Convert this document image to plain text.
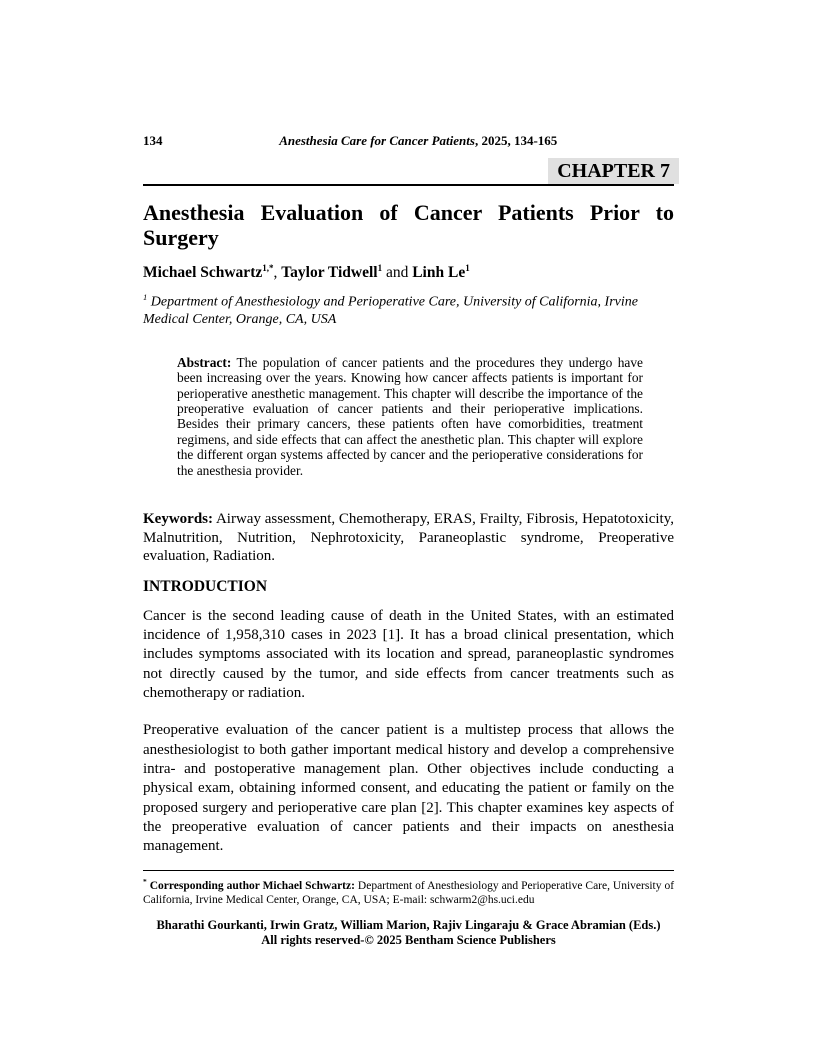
134	Anesthesia Care for Cancer Patients, 2025, 134-165
CHAPTER 7
Anesthesia Evaluation of Cancer Patients Prior to Surgery

Michael Schwartz$^{1,*}$, Taylor Tidwell$^1$ and Linh Le$^1$

$^1$ Department of Anesthesiology and Perioperative Care, University of California, Irvine Medical Center, Orange, CA, USA

Abstract: The population of cancer patients and the procedures they undergo have been increasing over the years. Knowing how cancer affects patients is important for perioperative anesthetic management. This chapter will describe the importance of the preoperative evaluation of cancer patients and their perioperative implications. Besides their primary cancers, these patients often have comorbidities, treatment regimens, and side effects that can affect the anesthetic plan. This chapter will explore the different organ systems affected by cancer and the perioperative considerations for the anesthesia provider.

Keywords: Airway assessment, Chemotherapy, ERAS, Frailty, Fibrosis, Hepatotoxicity, Malnutrition, Nutrition, Nephrotoxicity, Paraneoplastic syndrome, Preoperative evaluation, Radiation.

INTRODUCTION

Cancer is the second leading cause of death in the United States, with an estimated incidence of 1,958,310 cases in 2023 [1]. It has a broad clinical presentation, which includes symptoms associated with its location and spread, paraneoplastic syndromes not directly caused by the tumor, and side effects from cancer treatments such as chemotherapy or radiation.

Preoperative evaluation of the cancer patient is a multistep process that allows the anesthesiologist to both gather important medical history and develop a comprehensive intra- and postoperative management plan. Other objectives include conducting a physical exam, obtaining informed consent, and educating the patient or family on the proposed surgery and perioperative care plan [2]. This chapter examines key aspects of the preoperative evaluation of cancer patients and their impacts on anesthesia management.

* Corresponding author Michael Schwartz: Department of Anesthesiology and Perioperative Care, University of California, Irvine Medical Center, Orange, CA, USA; E-mail: schwarm2@hs.uci.edu

Bharathi Gourkanti, Irwin Gratz, William Marion, Rajiv Lingaraju & Grace Abramian (Eds.)
All rights reserved-© 2025 Bentham Science Publishers
